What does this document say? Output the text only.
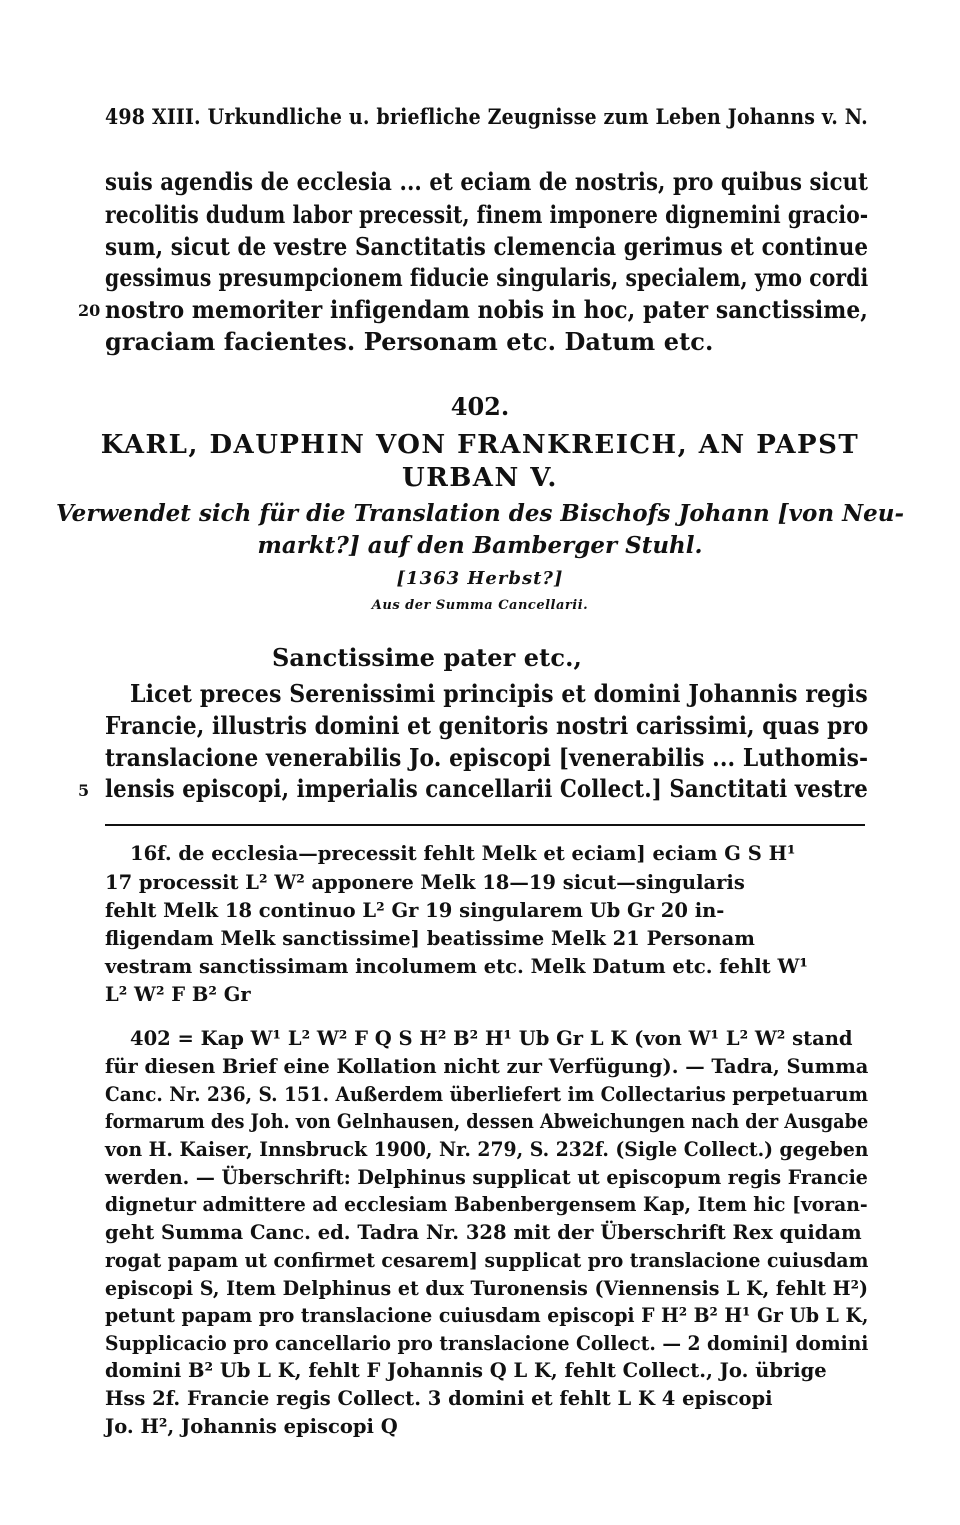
498 XIII. Urkundliche u. briefliche Zeugnisse zum Leben Johanns v. N.
suis agendis de ecclesia ... et eciam de nostris, pro quibus sicut
recolitis dudum labor precessit, finem imponere dignemini gracio-
sum, sicut de vestre Sanctitatis clemencia gerimus et continue
gessimus presumpcionem fiducie singularis, specialem, ymo cordi
20 nostro memoriter infigendam nobis in hoc, pater sanctissime,
graciam facientes. Personam etc. Datum etc.
402.
KARL, DAUPHIN VON FRANKREICH, AN PAPST
URBAN V.
Verwendet sich für die Translation des Bischofs Johann [von Neu-
markt?] auf den Bamberger Stuhl.
[1363 Herbst?]
Aus der Summa Cancellarii.
Sanctissime pater etc.,
Licet preces Serenissimi principis et domini Johannis regis
Francie, illustris domini et genitoris nostri carissimi, quas pro
translacione venerabilis Jo. episcopi [venerabilis ... Luthomis-
5 lensis episcopi, imperialis cancellarii Collect.] Sanctitati vestre
16f. de ecclesia—precessit fehlt Melk et eciam] eciam G S H¹
17 processit L² W² apponere Melk 18—19 sicut—singularis
fehlt Melk 18 continuo L² Gr 19 singularem Ub Gr 20 in-
fligendam Melk sanctissime] beatissime Melk 21 Personam
vestram sanctissimam incolumem etc. Melk Datum etc. fehlt W¹
L² W² F B² Gr
402 = Kap W¹ L² W² F Q S H² B² H¹ Ub Gr L K (von W¹ L² W² stand
für diesen Brief eine Kollation nicht zur Verfügung). — Tadra, Summa
Canc. Nr. 236, S. 151. Außerdem überliefert im Collectarius perpetuarum
formarum des Joh. von Gelnhausen, dessen Abweichungen nach der Ausgabe
von H. Kaiser, Innsbruck 1900, Nr. 279, S. 232f. (Sigle Collect.) gegeben
werden. — Überschrift: Delphinus supplicat ut episcopum regis Francie
dignetur admittere ad ecclesiam Babenbergensem Kap, Item hic [voran-
geht Summa Canc. ed. Tadra Nr. 328 mit der Überschrift Rex quidam
rogat papam ut confirmet cesarem] supplicat pro translacione cuiusdam
episcopi S, Item Delphinus et dux Turonensis (Viennensis L K, fehlt H²)
petunt papam pro translacione cuiusdam episcopi F H² B² H¹ Gr Ub L K,
Supplicacio pro cancellario pro translacione Collect. — 2 domini] domini
domini B² Ub L K, fehlt F Johannis Q L K, fehlt Collect., Jo. übrige
Hss 2f. Francie regis Collect. 3 domini et fehlt L K 4 episcopi
Jo. H², Johannis episcopi Q
